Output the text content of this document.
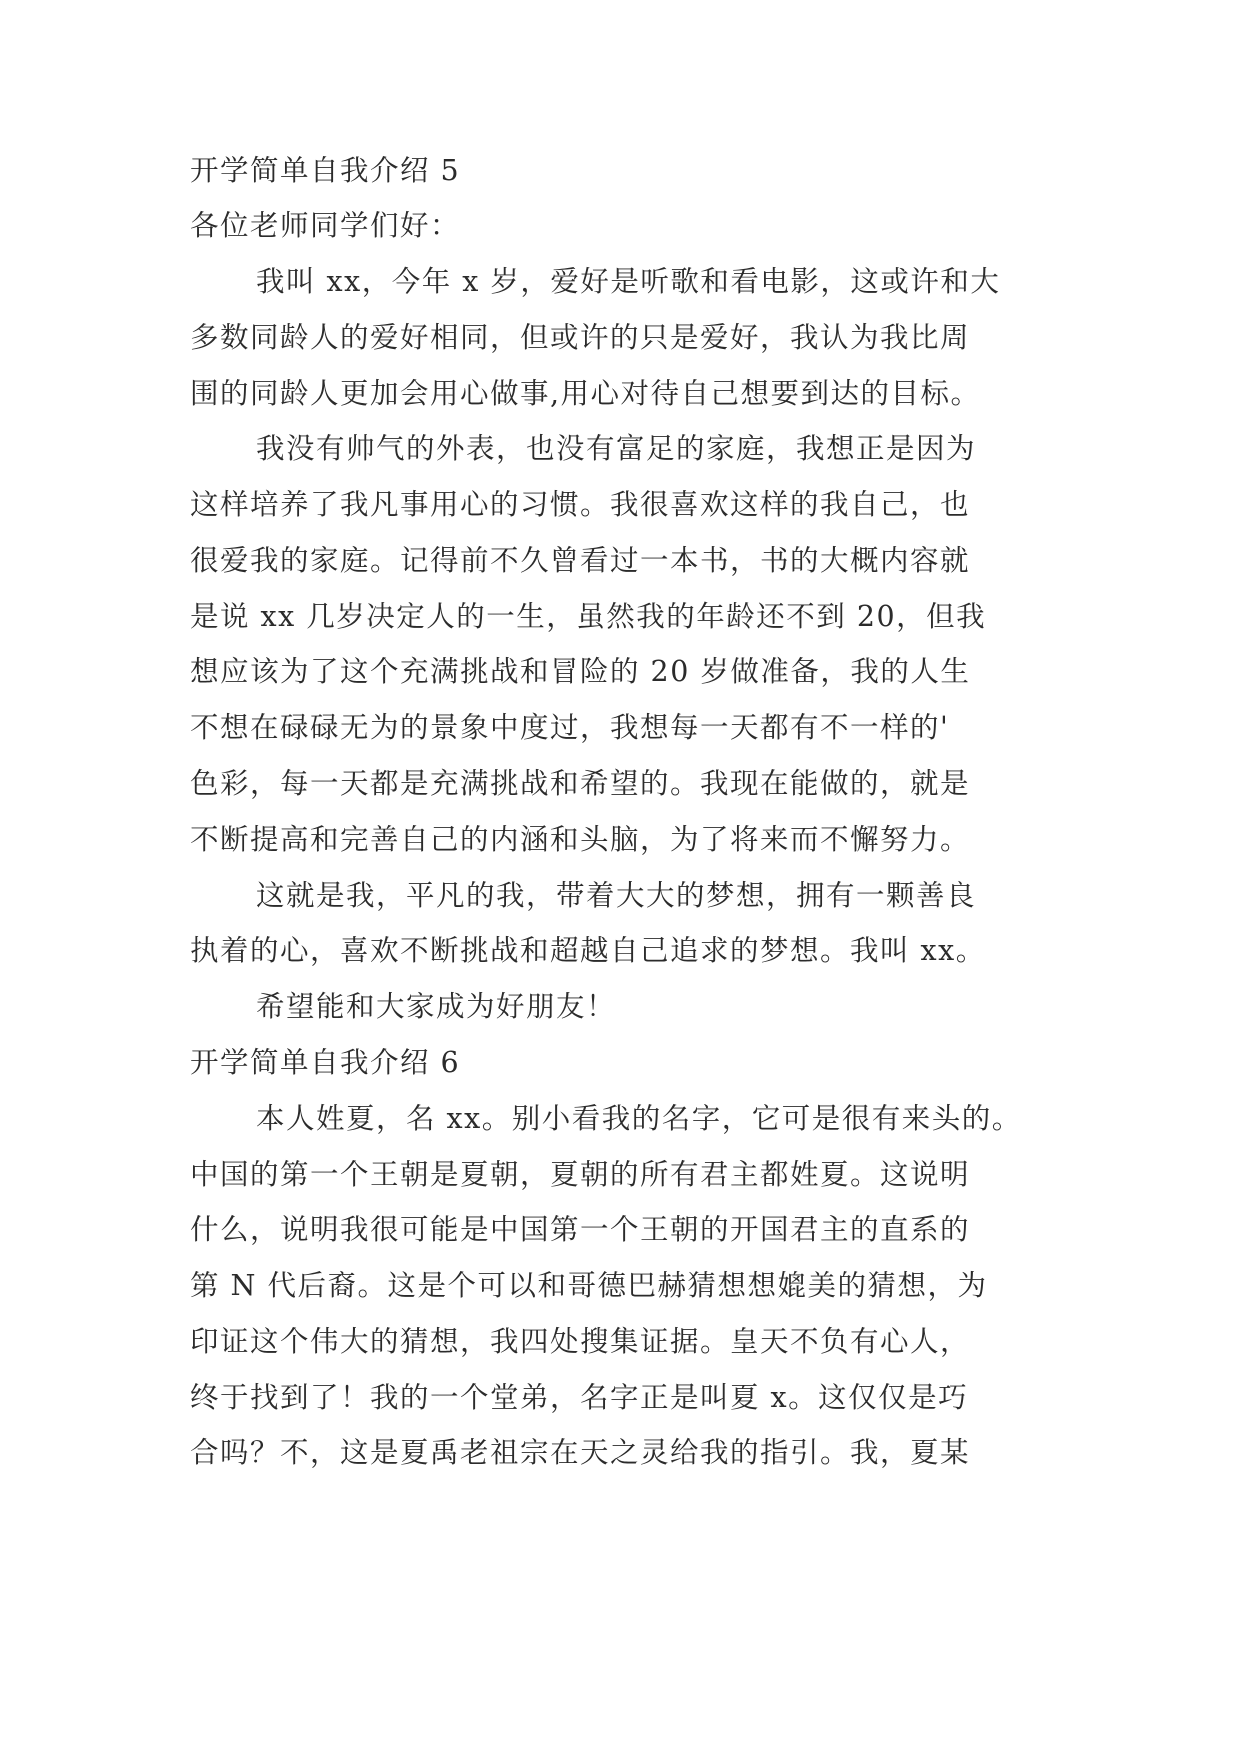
开学简单自我介绍 5
各位老师同学们好：
我叫 xx，今年 x 岁，爱好是听歌和看电影，这或许和大
多数同龄人的爱好相同，但或许的只是爱好，我认为我比周
围的同龄人更加会用心做事,用心对待自己想要到达的目标。
我没有帅气的外表，也没有富足的家庭，我想正是因为
这样培养了我凡事用心的习惯。我很喜欢这样的我自己，也
很爱我的家庭。记得前不久曾看过一本书，书的大概内容就
是说 xx 几岁决定人的一生，虽然我的年龄还不到 20，但我
想应该为了这个充满挑战和冒险的 20 岁做准备，我的人生
不想在碌碌无为的景象中度过，我想每一天都有不一样的'
色彩，每一天都是充满挑战和希望的。我现在能做的，就是
不断提高和完善自己的内涵和头脑，为了将来而不懈努力。
这就是我，平凡的我，带着大大的梦想，拥有一颗善良
执着的心，喜欢不断挑战和超越自己追求的梦想。我叫 xx。
希望能和大家成为好朋友！
开学简单自我介绍 6
本人姓夏，名 xx。别小看我的名字，它可是很有来头的。
中国的第一个王朝是夏朝，夏朝的所有君主都姓夏。这说明
什么，说明我很可能是中国第一个王朝的开国君主的直系的
第 N 代后裔。这是个可以和哥德巴赫猜想想媲美的猜想，为
印证这个伟大的猜想，我四处搜集证据。皇天不负有心人，
终于找到了！我的一个堂弟，名字正是叫夏 x。这仅仅是巧
合吗？不，这是夏禹老祖宗在天之灵给我的指引。我，夏某
